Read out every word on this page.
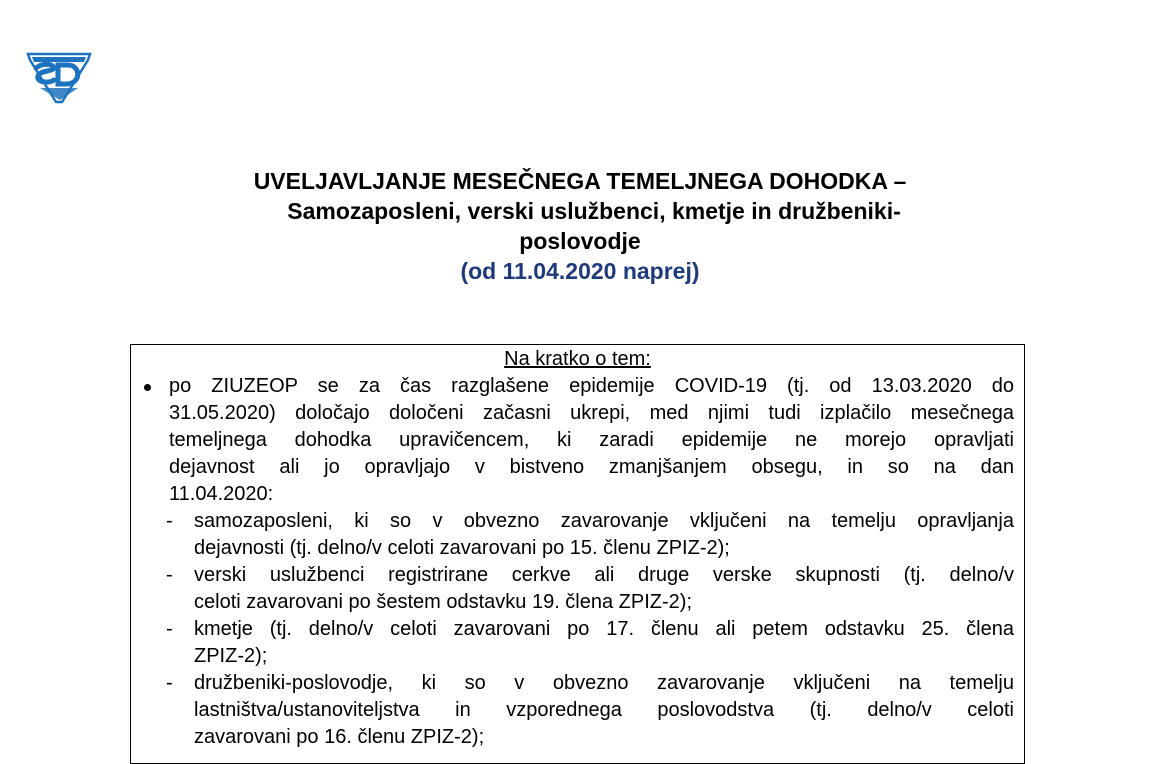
UVELJAVLJANJE MESEČNEGA TEMELJNEGA DOHODKA –
Samozaposleni, verski uslužbenci, kmetje in družbeniki-
poslovodje
(od 11.04.2020 naprej)
Na kratko o tem:
po ZIUZEOP se za čas razglašene epidemije COVID-19 (tj. od 13.03.2020 do
31.05.2020) določajo določeni začasni ukrepi, med njimi tudi izplačilo mesečnega
temeljnega dohodka upravičencem, ki zaradi epidemije ne morejo opravljati
dejavnost ali jo opravljajo v bistveno zmanjšanjem obsegu, in so na dan
11.04.2020:
- samozaposleni, ki so v obvezno zavarovanje vključeni na temelju opravljanja
dejavnosti (tj. delno/v celoti zavarovani po 15. členu ZPIZ-2);
- verski uslužbenci registrirane cerkve ali druge verske skupnosti (tj. delno/v
celoti zavarovani po šestem odstavku 19. člena ZPIZ-2);
- kmetje (tj. delno/v celoti zavarovani po 17. členu ali petem odstavku 25. člena
ZPIZ-2);
- družbeniki-poslovodje, ki so v obvezno zavarovanje vključeni na temelju
lastništva/ustanoviteljstva in vzporednega poslovodstva (tj. delno/v celoti
zavarovani po 16. členu ZPIZ-2);
